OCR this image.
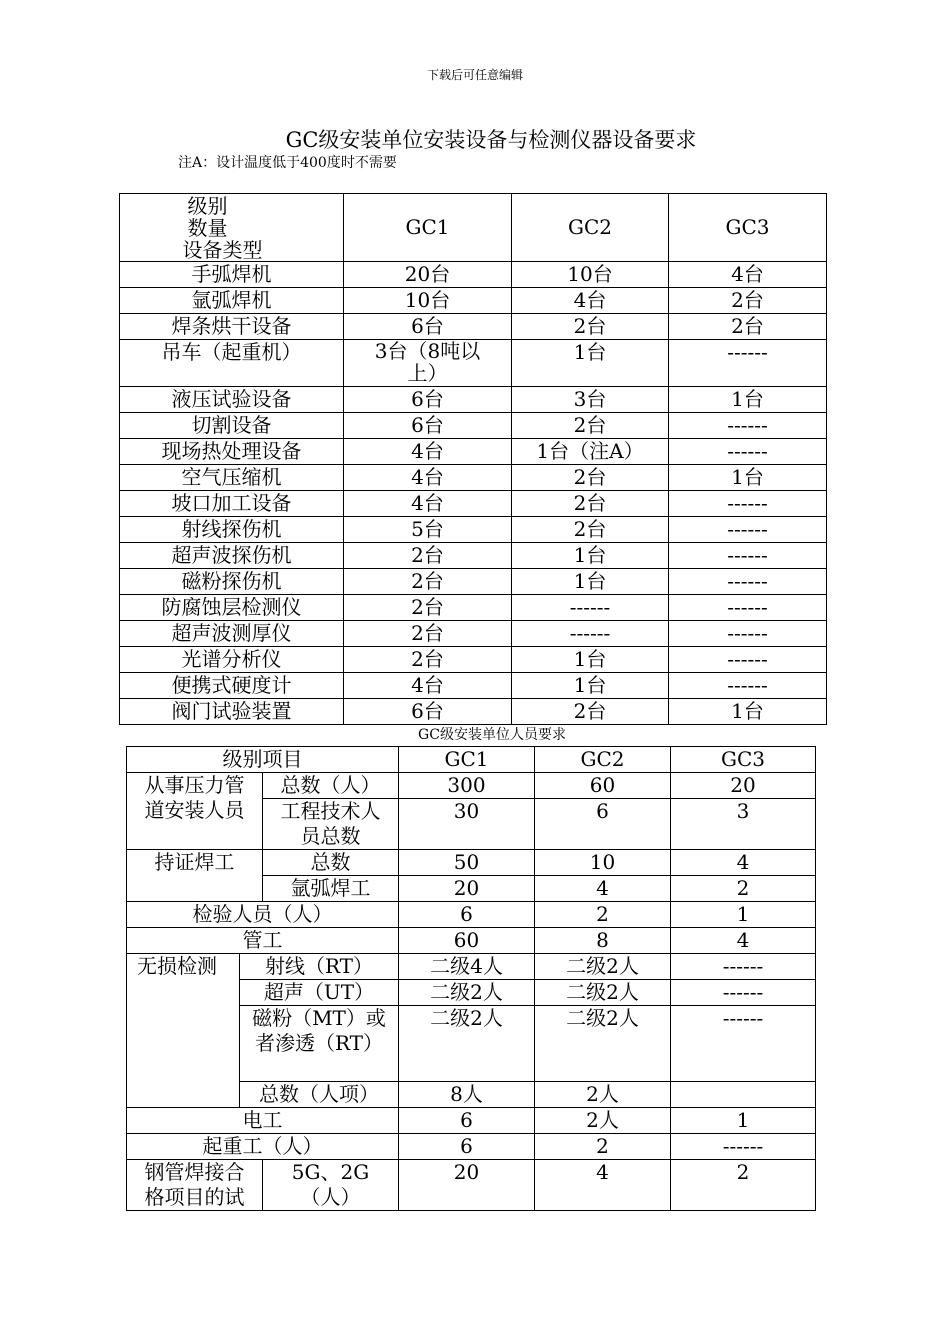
下载后可任意编辑
GC级安装单位安装设备与检测仪器设备要求
注A：设计温度低于400度时不需要
级别
数量
设备类型	GC1	GC2	GC3
手弧焊机	20台	10台	4台
氩弧焊机	10台	4台	2台
焊条烘干设备	6台	2台	2台
吊车（起重机）	3台（8吨以上）	1台	------
液压试验设备	6台	3台	1台
切割设备	6台	2台	------
现场热处理设备	4台	1台（注A）	------
空气压缩机	4台	2台	1台
坡口加工设备	4台	2台	------
射线探伤机	5台	2台	------
超声波探伤机	2台	1台	------
磁粉探伤机	2台	1台	------
防腐蚀层检测仪	2台	------	------
超声波测厚仪	2台	------	------
光谱分析仪	2台	1台	------
便携式硬度计	4台	1台	------
阀门试验装置	6台	2台	1台
GC级安装单位人员要求
级别项目			GC1	GC2	GC3
从事压力管道安装人员		总数（人）	300	60	20
		工程技术人员总数	30	6	3
持证焊工		总数	50	10	4
		氩弧焊工	20	4	2
检验人员（人）			6	2	1
管工			60	8	4
无损检测	射线（RT）		二级4人	二级2人	------
	超声（UT）		二级2人	二级2人	------
	磁粉（MT）或者渗透（RT）		二级2人	二级2人	------
	总数（人项）		8人	2人	
电工			6	2人	1
起重工（人）			6	2	------
钢管焊接合格项目的试		5G、2G（人）	20	4	2
